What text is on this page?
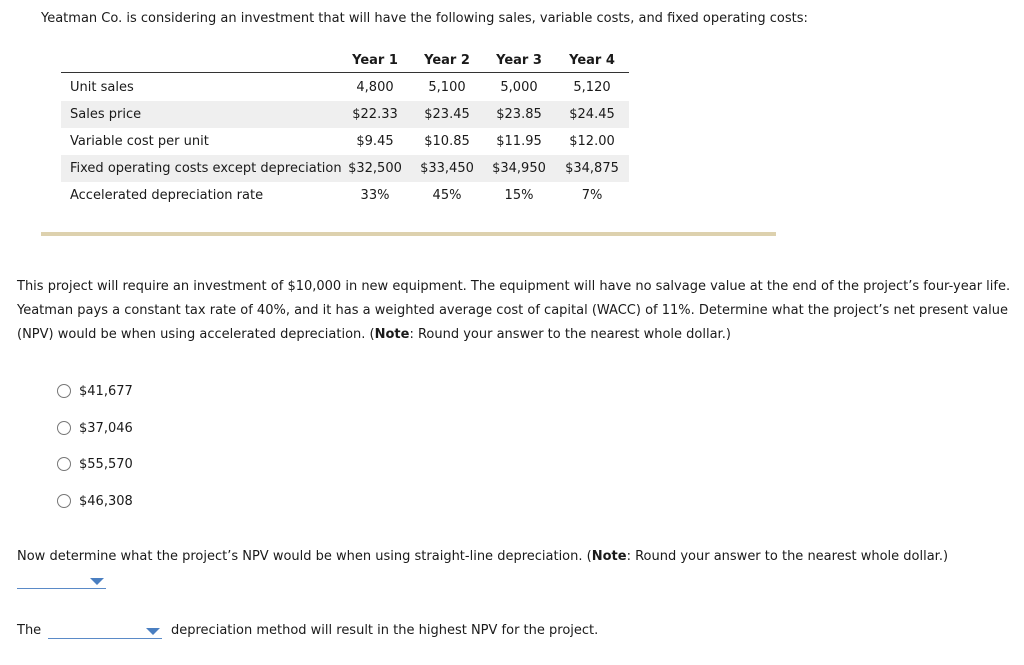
Yeatman Co. is considering an investment that will have the following sales, variable costs, and fixed operating costs:
Year 1	Year 2	Year 3	Year 4
Unit sales	4,800	5,100	5,000	5,120
Sales price	$22.33	$23.45	$23.85	$24.45
Variable cost per unit	$9.45	$10.85	$11.95	$12.00
Fixed operating costs except depreciation $32,500	$33,450	$34,950	$34,875
Accelerated depreciation rate	33%	45%	15%	7%
This project will require an investment of $10,000 in new equipment. The equipment will have no salvage value at the end of the project’s four-year life. Yeatman pays a constant tax rate of 40%, and it has a weighted average cost of capital (WACC) of 11%. Determine what the project’s net present value (NPV) would be when using accelerated depreciation. (Note: Round your answer to the nearest whole dollar.)
$41,677
$37,046
$55,570
$46,308
Now determine what the project’s NPV would be when using straight-line depreciation. (Note: Round your answer to the nearest whole dollar.)
The	depreciation method will result in the highest NPV for the project.
